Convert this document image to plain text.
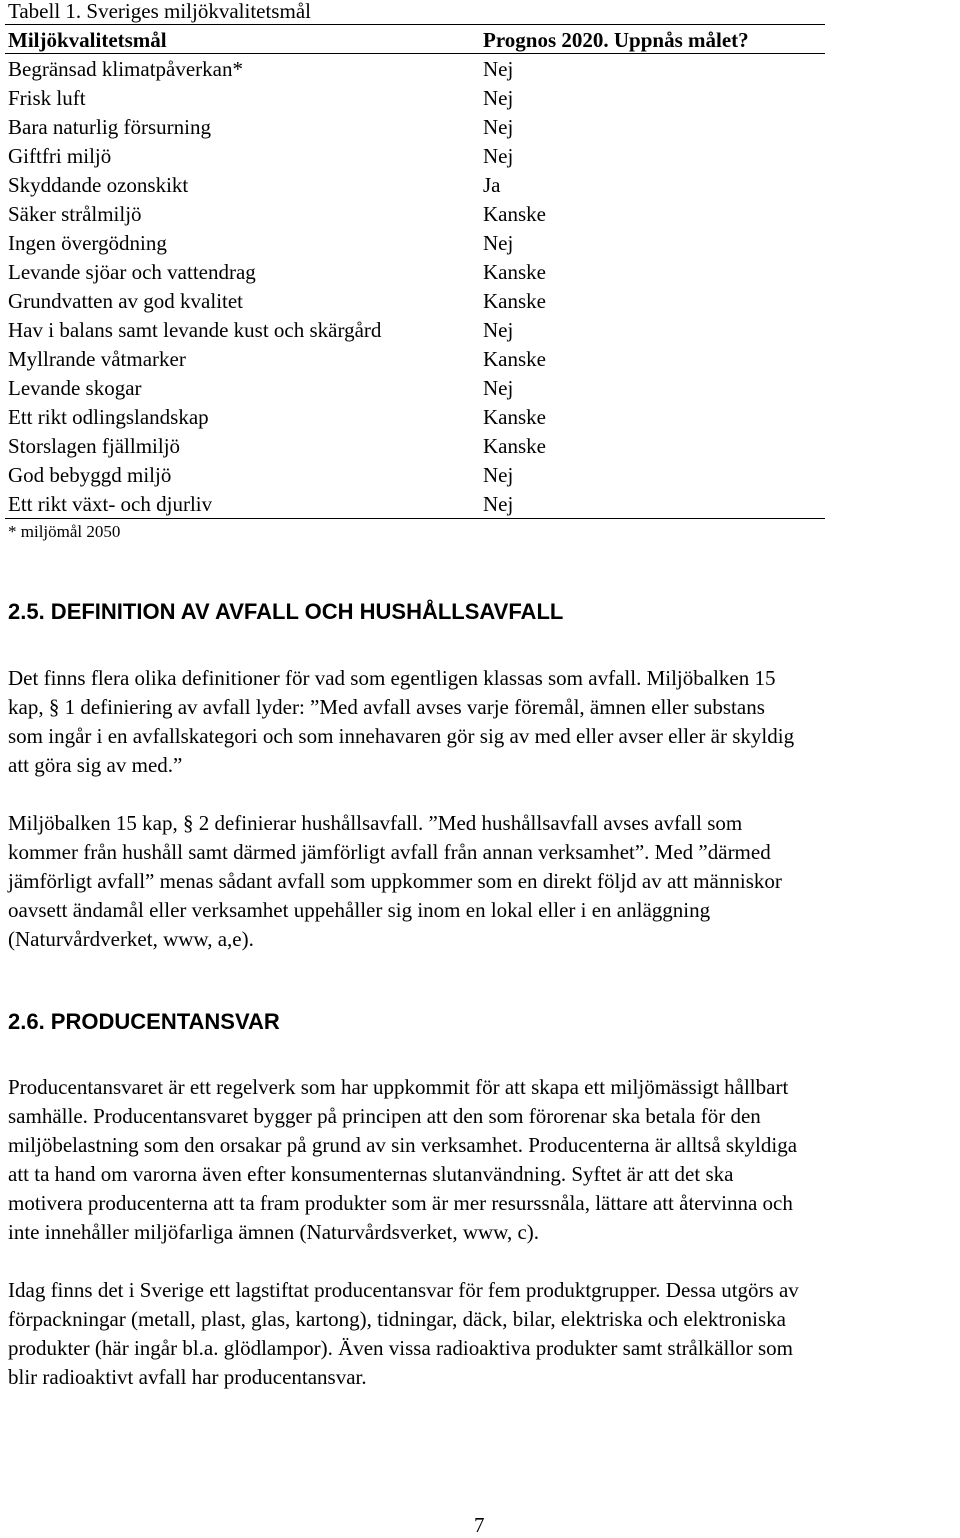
Tabell 1. Sveriges miljökvalitetsmål
Miljökvalitetsmål	Prognos 2020. Uppnås målet?
Begränsad klimatpåverkan*	Nej
Frisk luft	Nej
Bara naturlig försurning	Nej
Giftfri miljö	Nej
Skyddande ozonskikt	Ja
Säker strålmiljö	Kanske
Ingen övergödning	Nej
Levande sjöar och vattendrag	Kanske
Grundvatten av god kvalitet	Kanske
Hav i balans samt levande kust och skärgård	Nej
Myllrande våtmarker	Kanske
Levande skogar	Nej
Ett rikt odlingslandskap	Kanske
Storslagen fjällmiljö	Kanske
God bebyggd miljö	Nej
Ett rikt växt- och djurliv	Nej
* miljömål 2050
2.5. DEFINITION AV AVFALL OCH HUSHÅLLSAVFALL
Det finns flera olika definitioner för vad som egentligen klassas som avfall. Miljöbalken 15
kap, § 1 definiering av avfall lyder: ”Med avfall avses varje föremål, ämnen eller substans
som ingår i en avfallskategori och som innehavaren gör sig av med eller avser eller är skyldig
att göra sig av med.”
Miljöbalken 15 kap, § 2 definierar hushållsavfall. ”Med hushållsavfall avses avfall som
kommer från hushåll samt därmed jämförligt avfall från annan verksamhet”. Med ”därmed
jämförligt avfall” menas sådant avfall som uppkommer som en direkt följd av att människor
oavsett ändamål eller verksamhet uppehåller sig inom en lokal eller i en anläggning
(Naturvårdverket, www, a,e).
2.6. PRODUCENTANSVAR
Producentansvaret är ett regelverk som har uppkommit för att skapa ett miljömässigt hållbart
samhälle. Producentansvaret bygger på principen att den som förorenar ska betala för den
miljöbelastning som den orsakar på grund av sin verksamhet. Producenterna är alltså skyldiga
att ta hand om varorna även efter konsumenternas slutanvändning. Syftet är att det ska
motivera producenterna att ta fram produkter som är mer resurssnåla, lättare att återvinna och
inte innehåller miljöfarliga ämnen (Naturvårdsverket, www, c).
Idag finns det i Sverige ett lagstiftat producentansvar för fem produktgrupper. Dessa utgörs av
förpackningar (metall, plast, glas, kartong), tidningar, däck, bilar, elektriska och elektroniska
produkter (här ingår bl.a. glödlampor). Även vissa radioaktiva produkter samt strålkällor som
blir radioaktivt avfall har producentansvar.
7
